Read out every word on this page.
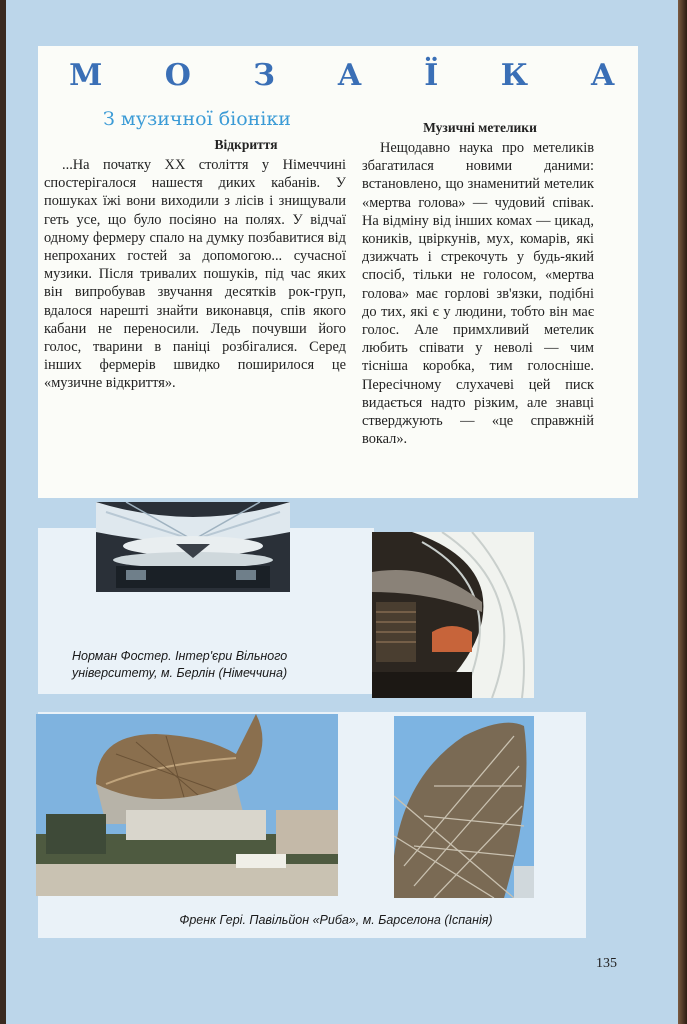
М О З А Ї К А
З музичної біоніки
Відкриття

...На початку XX століття у Німеччині спостерігалося нашестя диких кабанів. У пошуках їжі вони виходили з лісів і знищували геть усе, що було посіяно на полях. У відчаї одному фермеру спало на думку позбавитися від непроханих гостей за допомогою... сучасної музики. Після тривалих пошуків, під час яких він випробував звучання десятків рок-груп, вдалося нарешті знайти виконавця, спів якого кабани не переносили. Ледь почувши його голос, тварини в паніці розбігалися. Серед інших фермерів швидко поширилося це «музичне відкриття».

Музичні метелики

Нещодавно наука про метеликів збагатилася новими даними: встановлено, що знаменитий метелик «мертва голова» — чудовий співак. На відміну від інших комах — цикад, коників, цвіркунів, мух, комарів, які дзижчать і стрекочуть у будь-який спосіб, тільки не голосом, «мертва голова» має горлові зв'язки, подібні до тих, які є у людини, тобто він має голос. Але примхливий метелик любить співати у неволі — чим тісніша коробка, тим голосніше. Пересічному слухачеві цей писк видається надто різким, але знавці стверджують — «це справжній вокал».

Норман Фостер. Інтер'єри Вільного
університету, м. Берлін (Німеччина)
Френк Гері. Павільйон «Риба», м. Барселона (Іспанія)
135
